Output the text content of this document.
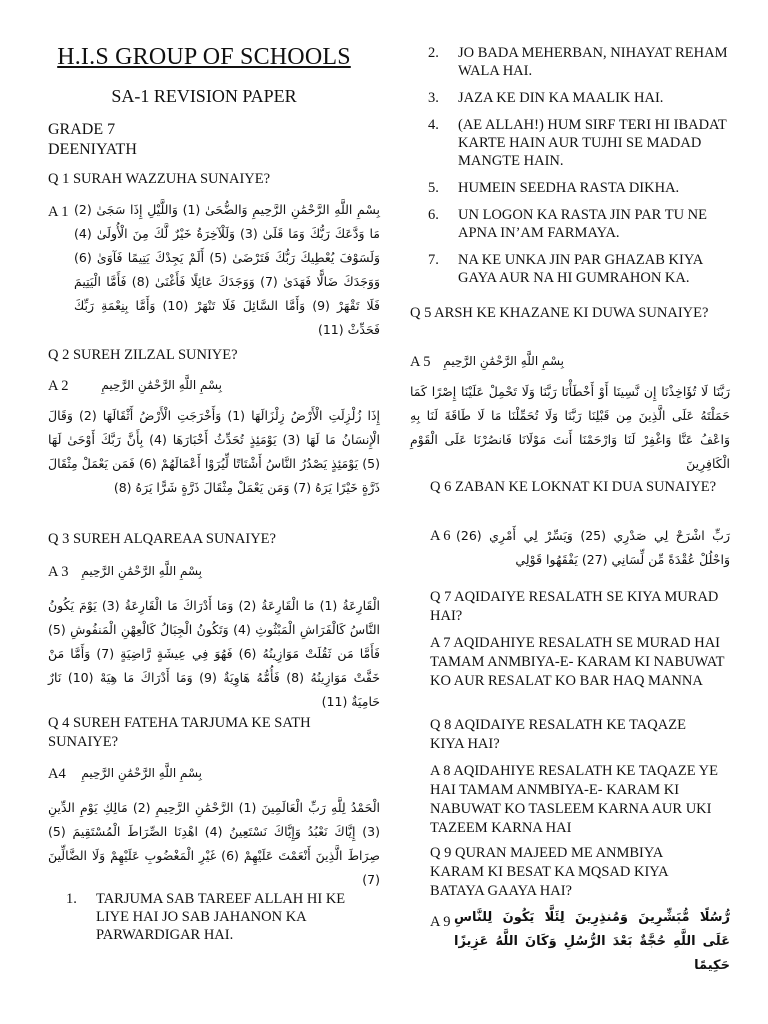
H.I.S GROUP OF SCHOOLS
SA-1 REVISION PAPER
GRADE 7
DEENIYATH
Q 1 SURAH WAZZUHA SUNAIYE?
A 1 بِسْمِ اللَّهِ الرَّحْمَٰنِ الرَّحِيمِ وَالضُّحَىٰ (1) وَاللَّيْلِ إِذَا سَجَىٰ (2) مَا وَدَّعَكَ رَبُّكَ وَمَا قَلَىٰ (3) وَلَلْآخِرَةُ خَيْرٌ لَّكَ مِنَ الْأُولَىٰ (4) وَلَسَوْفَ يُعْطِيكَ رَبُّكَ فَتَرْضَىٰ (5) أَلَمْ يَجِدْكَ يَتِيمًا فَآوَىٰ (6) وَوَجَدَكَ ضَالًّا فَهَدَىٰ (7) وَوَجَدَكَ عَائِلًا فَأَغْنَىٰ (8) فَأَمَّا الْيَتِيمَ فَلَا تَقْهَرْ (9) وَأَمَّا السَّائِلَ فَلَا تَنْهَرْ (10) وَأَمَّا بِنِعْمَةِ رَبِّكَ فَحَدِّثْ (11)
Q 2 SUREH ZILZAL SUNIYE?
A 2	بِسْمِ اللَّهِ الرَّحْمَٰنِ الرَّحِيمِ
إِذَا زُلْزِلَتِ الْأَرْضُ زِلْزَالَهَا (1) وَأَخْرَجَتِ الْأَرْضُ أَثْقَالَهَا (2) وَقَالَ الْإِنسَانُ مَا لَهَا (3) يَوْمَئِذٍ تُحَدِّثُ أَخْبَارَهَا (4) بِأَنَّ رَبَّكَ أَوْحَىٰ لَهَا (5) يَوْمَئِذٍ يَصْدُرُ النَّاسُ أَشْتَاتًا لِّيُرَوْا أَعْمَالَهُمْ (6) فَمَن يَعْمَلْ مِثْقَالَ ذَرَّةٍ خَيْرًا يَرَهُ (7) وَمَن يَعْمَلْ مِثْقَالَ ذَرَّةٍ شَرًّا يَرَهُ (8)
Q 3 SUREH ALQAREAA SUNAIYE?
A 3	بِسْمِ اللَّهِ الرَّحْمَٰنِ الرَّحِيمِ
الْقَارِعَةُ (1) مَا الْقَارِعَةُ (2) وَمَا أَدْرَاكَ مَا الْقَارِعَةُ (3) يَوْمَ يَكُونُ النَّاسُ كَالْفَرَاشِ الْمَبْثُوثِ (4) وَتَكُونُ الْجِبَالُ كَالْعِهْنِ الْمَنفُوشِ (5) فَأَمَّا مَن ثَقُلَتْ مَوَازِينُهُ (6) فَهُوَ فِي عِيشَةٍ رَّاضِيَةٍ (7) وَأَمَّا مَنْ خَفَّتْ مَوَازِينُهُ (8) فَأُمُّهُ هَاوِيَةٌ (9) وَمَا أَدْرَاكَ مَا هِيَهْ (10) نَارٌ حَامِيَةٌ (11)
Q 4 SUREH FATEHA TARJUMA KE SATH SUNAIYE?
A4	بِسْمِ اللَّهِ الرَّحْمَٰنِ الرَّحِيمِ
الْحَمْدُ لِلَّهِ رَبِّ الْعَالَمِينَ (1) الرَّحْمَٰنِ الرَّحِيمِ (2) مَالِكِ يَوْمِ الدِّينِ (3) إِيَّاكَ نَعْبُدُ وَإِيَّاكَ نَسْتَعِينُ (4) اهْدِنَا الصِّرَاطَ الْمُسْتَقِيمَ (5) صِرَاطَ الَّذِينَ أَنْعَمْتَ عَلَيْهِمْ (6) غَيْرِ الْمَغْضُوبِ عَلَيْهِمْ وَلَا الضَّالِّينَ (7)
1. TARJUMA SAB TAREEF ALLAH HI KE LIYE HAI JO SAB JAHANON KA PARWARDIGAR HAI.
2. JO BADA MEHERBAN, NIHAYAT REHAM WALA HAI.
3. JAZA KE DIN KA MAALIK HAI.
4. (AE ALLAH!) HUM SIRF TERI HI IBADAT KARTE HAIN AUR TUJHI SE MADAD MANGTE HAIN.
5. HUMEIN SEEDHA RASTA DIKHA.
6. UN LOGON KA RASTA JIN PAR TU NE APNA IN’AM FARMAYA.
7. NA KE UNKA JIN PAR GHAZAB KIYA GAYA AUR NA HI GUMRAHON KA.
Q 5 ARSH KE KHAZANE KI DUWA SUNAIYE?
A 5	بِسْمِ اللَّهِ الرَّحْمَٰنِ الرَّحِيمِ
رَبَّنَا لَا تُؤَاخِذْنَا إِن نَّسِينَا أَوْ أَخْطَأْنَا رَبَّنَا وَلَا تَحْمِلْ عَلَيْنَا إِصْرًا كَمَا حَمَلْتَهُ عَلَى الَّذِينَ مِن قَبْلِنَا رَبَّنَا وَلَا تُحَمِّلْنَا مَا لَا طَاقَةَ لَنَا بِهِ وَاعْفُ عَنَّا وَاغْفِرْ لَنَا وَارْحَمْنَا أَنتَ مَوْلَانَا فَانصُرْنَا عَلَى الْقَوْمِ الْكَافِرِينَ
Q 6 ZABAN KE LOKNAT KI DUA SUNAIYE?
A 6 رَبِّ اشْرَحْ لِي صَدْرِي (25) وَيَسِّرْ لِي أَمْرِي (26) وَاحْلُلْ عُقْدَةً مِّن لِّسَانِي (27) يَفْقَهُوا قَوْلِي
Q 7 AQIDAIYE RESALATH SE KIYA MURAD HAI?
A 7 AQIDAHIYE RESALATH SE MURAD HAI TAMAM ANMBIYA-E- KARAM KI NABUWAT KO AUR RESALAT KO BAR HAQ MANNA
Q 8 AQIDAIYE RESALATH KE TAQAZE KIYA HAI?
A 8 AQIDAHIYE RESALATH KE TAQAZE YE HAI TAMAM ANMBIYA-E- KARAM KI NABUWAT KO TASLEEM KARNA AUR UKI TAZEEM KARNA HAI
Q 9 QURAN MAJEED ME ANMBIYA KARAM KI BESAT KA MQSAD KIYA BATAYA GAAYA HAI?
A 9 رُّسُلًا مُّبَشِّرِينَ وَمُنذِرِينَ لِئَلَّا يَكُونَ لِلنَّاسِ عَلَى اللَّهِ حُجَّةٌ بَعْدَ الرُّسُلِ وَكَانَ اللَّهُ عَزِيزًا حَكِيمًا
